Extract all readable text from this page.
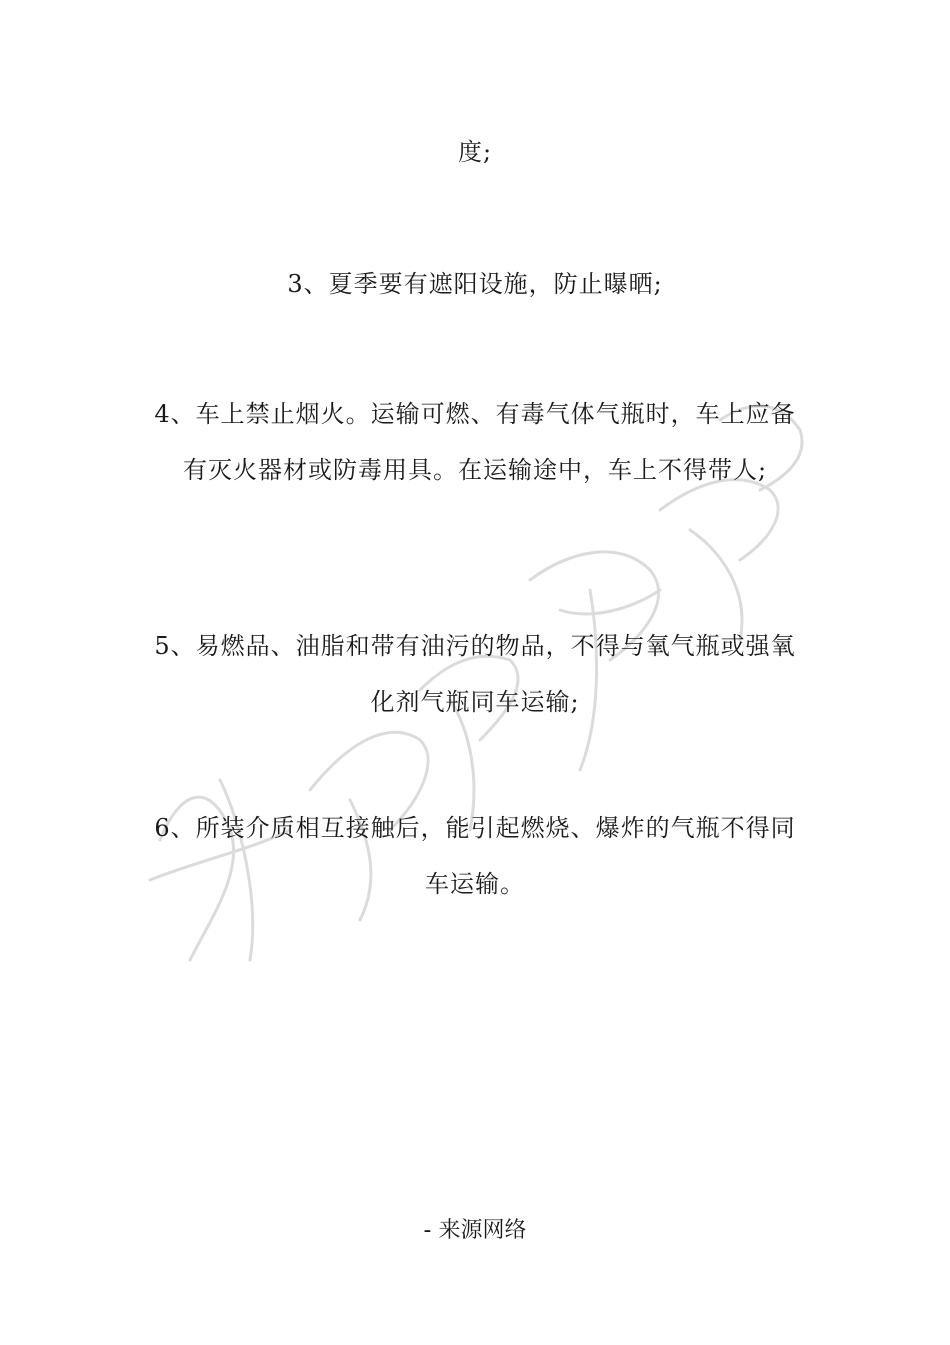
度;
3、夏季要有遮阳设施，防止曝晒;
4、车上禁止烟火。运输可燃、有毒气体气瓶时，车上应备有灭火器材或防毒用具。在运输途中，车上不得带人;
5、易燃品、油脂和带有油污的物品，不得与氧气瓶或强氧化剂气瓶同车运输;
6、所装介质相互接触后，能引起燃烧、爆炸的气瓶不得同车运输。
- 来源网络
